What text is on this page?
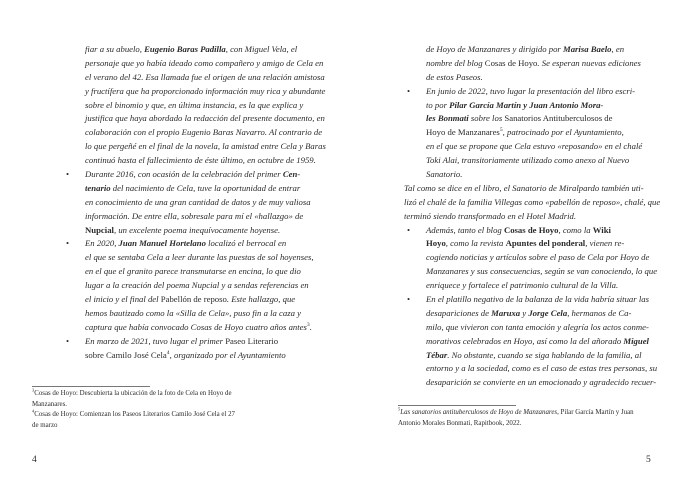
fiar a su abuelo, Eugenio Baras Padilla, con Miguel Vela, el
personaje que yo había ideado como compañero y amigo de Cela en
el verano del 42. Esa llamada fue el origen de una relación amistosa
y fructífera que ha proporcionado información muy rica y abundante
sobre el binomio y que, en última instancia, es la que explica y
justifica que haya abordado la redacción del presente documento, en
colaboración con el propio Eugenio Baras Navarro. Al contrario de
lo que pergeñé en el final de la novela, la amistad entre Cela y Baras
continuó hasta el fallecimiento de éste último, en octubre de 1959.
• Durante 2016, con ocasión de la celebración del primer Cen-
tenario del nacimiento de Cela, tuve la oportunidad de entrar
en conocimiento de una gran cantidad de datos y de muy valiosa
información. De entre ella, sobresale para mí el «hallazgo» de
Nupcial, un excelente poema inequívocamente hoyense.
• En 2020, Juan Manuel Hortelano localizó el berrocal en
el que se sentaba Cela a leer durante las puestas de sol hoyenses,
en el que el granito parece transmutarse en encina, lo que dio
lugar a la creación del poema Nupcial y a sendas referencias en
el inicio y el final del Pabellón de reposo. Este hallazgo, que
hemos bautizado como la «Silla de Cela», puso fin a la caza y
captura que había convocado Cosas de Hoyo cuatro años antes$^3$.
• En marzo de 2021, tuvo lugar el primer Paseo Literario
sobre Camilo José Cela$^4$, organizado por el Ayuntamiento
$^3$Cosas de Hoyo: Descubierta la ubicación de la foto de Cela en Hoyo de
Manzanares.
$^4$Cosas de Hoyo: Comienzan los Paseos Literarios Camilo José Cela el 27
de marzo
4
$^5$Las sanatorios antituberculosos de Hoyo de Manzanares, Pilar García Martín y Juan
Antonio Morales Bonmati, Rapitbook, 2022.
5
de Hoyo de Manzanares y dirigido por Marisa Baelo, en
nombre del blog Cosas de Hoyo. Se esperan nuevas ediciones
de estos Paseos.
• En junio de 2022, tuvo lugar la presentación del libro escri-
to por Pilar García Martín y Juan Antonio Mora-
les Bonmati sobre los Sanatorios Antituberculosos de
Hoyo de Manzanares$^5$, patrocinado por el Ayuntamiento,
en el que se propone que Cela estuvo «reposando» en el chalé
Toki Alai, transitoriamente utilizado como anexo al Nuevo
Sanatorio.
Tal como se dice en el libro, el Sanatorio de Miralpardo también uti-
lizó el chalé de la familia Villegas como «pabellón de reposo», chalé, que
terminó siendo transformado en el Hotel Madrid.
• Además, tanto el blog Cosas de Hoyo, como la Wiki
Hoyo, como la revista Apuntes del ponderal, vienen re-
cogiendo noticias y artículos sobre el paso de Cela por Hoyo de
Manzanares y sus consecuencias, según se van conociendo, lo que
enriquece y fortalece el patrimonio cultural de la Villa.
• En el platillo negativo de la balanza de la vida habría situar las
desapariciones de Maruxa y Jorge Cela, hermanos de Ca-
milo, que vivieron con tanta emoción y alegría los actos conme-
morativos celebrados en Hoyo, así como la del añorado Miguel
Tébar. No obstante, cuando se siga hablando de la familia, al
entorno y a la sociedad, como es el caso de estas tres personas, su
desaparición se convierte en un emocionado y agradecido recuer-
